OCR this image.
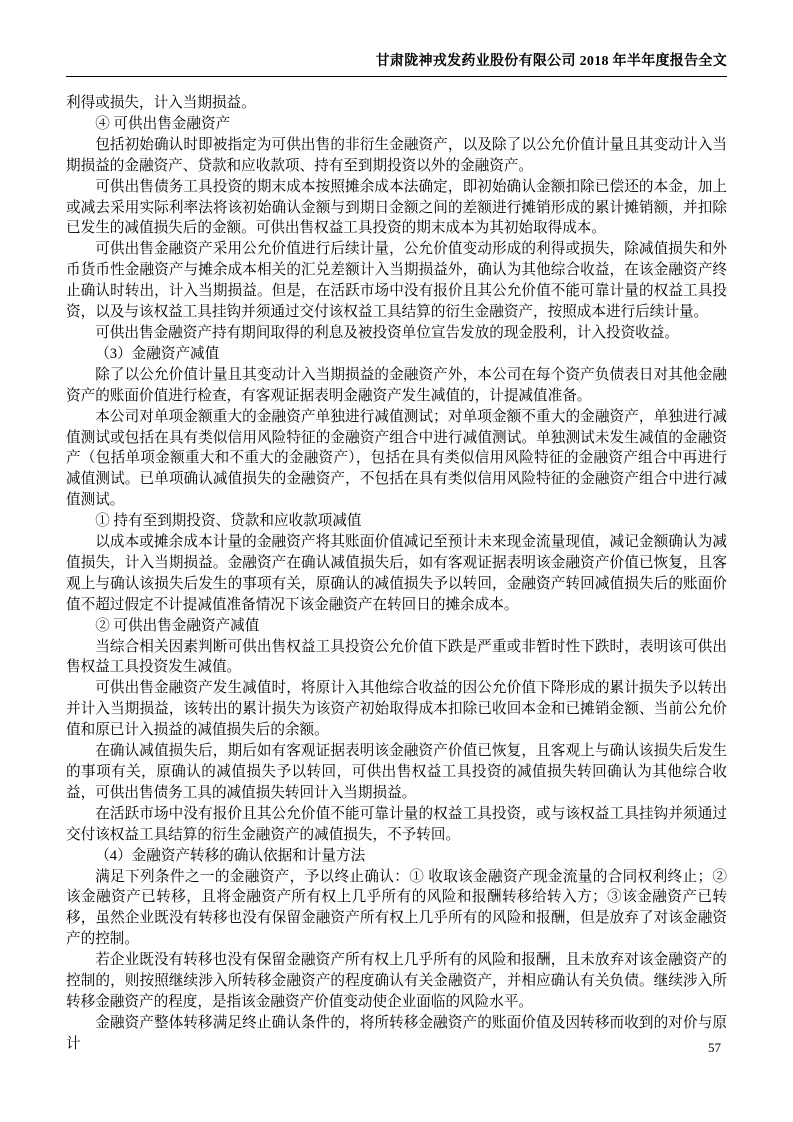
甘肃陇神戎发药业股份有限公司 2018 年半年度报告全文

利得或损失，计入当期损益。

④ 可供出售金融资产

包括初始确认时即被指定为可供出售的非衍生金融资产，以及除了以公允价值计量且其变动计入当期损益的金融资产、贷款和应收款项、持有至到期投资以外的金融资产。

可供出售债务工具投资的期末成本按照摊余成本法确定，即初始确认金额扣除已偿还的本金，加上或减去采用实际利率法将该初始确认金额与到期日金额之间的差额进行摊销形成的累计摊销额，并扣除已发生的减值损失后的金额。可供出售权益工具投资的期末成本为其初始取得成本。

可供出售金融资产采用公允价值进行后续计量，公允价值变动形成的利得或损失，除减值损失和外币货币性金融资产与摊余成本相关的汇兑差额计入当期损益外，确认为其他综合收益，在该金融资产终止确认时转出，计入当期损益。但是，在活跃市场中没有报价且其公允价值不能可靠计量的权益工具投资，以及与该权益工具挂钩并须通过交付该权益工具结算的衍生金融资产，按照成本进行后续计量。

可供出售金融资产持有期间取得的利息及被投资单位宣告发放的现金股利，计入投资收益。

（3）金融资产减值

除了以公允价值计量且其变动计入当期损益的金融资产外，本公司在每个资产负债表日对其他金融资产的账面价值进行检查，有客观证据表明金融资产发生减值的，计提减值准备。

本公司对单项金额重大的金融资产单独进行减值测试；对单项金额不重大的金融资产，单独进行减值测试或包括在具有类似信用风险特征的金融资产组合中进行减值测试。单独测试未发生减值的金融资产（包括单项金额重大和不重大的金融资产），包括在具有类似信用风险特征的金融资产组合中再进行减值测试。已单项确认减值损失的金融资产，不包括在具有类似信用风险特征的金融资产组合中进行减值测试。

① 持有至到期投资、贷款和应收款项减值

以成本或摊余成本计量的金融资产将其账面价值减记至预计未来现金流量现值，减记金额确认为减值损失，计入当期损益。金融资产在确认减值损失后，如有客观证据表明该金融资产价值已恢复，且客观上与确认该损失后发生的事项有关，原确认的减值损失予以转回，金融资产转回减值损失后的账面价值不超过假定不计提减值准备情况下该金融资产在转回日的摊余成本。

② 可供出售金融资产减值

当综合相关因素判断可供出售权益工具投资公允价值下跌是严重或非暂时性下跌时，表明该可供出售权益工具投资发生减值。

可供出售金融资产发生减值时，将原计入其他综合收益的因公允价值下降形成的累计损失予以转出并计入当期损益，该转出的累计损失为该资产初始取得成本扣除已收回本金和已摊销金额、当前公允价值和原已计入损益的减值损失后的余额。

在确认减值损失后，期后如有客观证据表明该金融资产价值已恢复，且客观上与确认该损失后发生的事项有关，原确认的减值损失予以转回，可供出售权益工具投资的减值损失转回确认为其他综合收益，可供出售债务工具的减值损失转回计入当期损益。

在活跃市场中没有报价且其公允价值不能可靠计量的权益工具投资，或与该权益工具挂钩并须通过交付该权益工具结算的衍生金融资产的减值损失，不予转回。

（4）金融资产转移的确认依据和计量方法

满足下列条件之一的金融资产，予以终止确认：① 收取该金融资产现金流量的合同权利终止；② 该金融资产已转移，且将金融资产所有权上几乎所有的风险和报酬转移给转入方；③该金融资产已转移，虽然企业既没有转移也没有保留金融资产所有权上几乎所有的风险和报酬，但是放弃了对该金融资产的控制。

若企业既没有转移也没有保留金融资产所有权上几乎所有的风险和报酬，且未放弃对该金融资产的控制的，则按照继续涉入所转移金融资产的程度确认有关金融资产，并相应确认有关负债。继续涉入所转移金融资产的程度，是指该金融资产价值变动使企业面临的风险水平。

金融资产整体转移满足终止确认条件的，将所转移金融资产的账面价值及因转移而收到的对价与原计	57
